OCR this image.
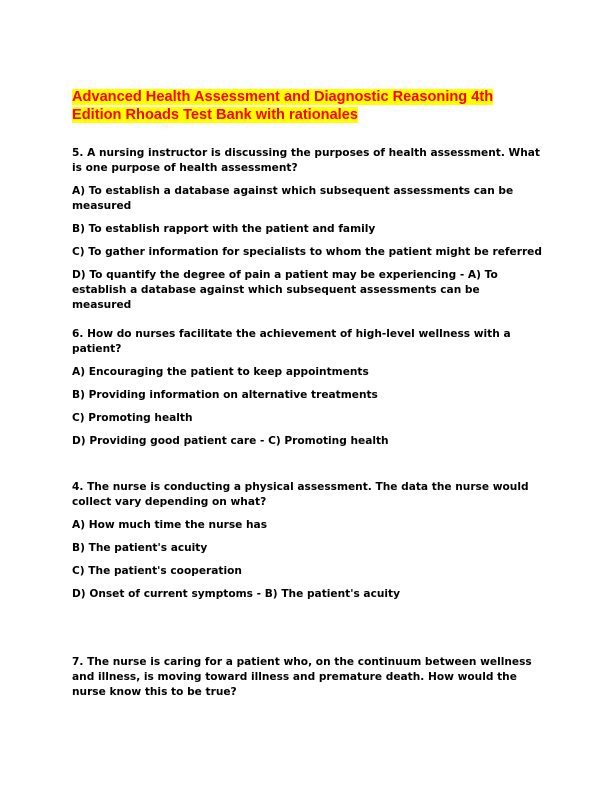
Advanced Health Assessment and Diagnostic Reasoning 4th Edition Rhoads Test Bank with rationales

5. A nursing instructor is discussing the purposes of health assessment. What is one purpose of health assessment?

A) To establish a database against which subsequent assessments can be measured

B) To establish rapport with the patient and family

C) To gather information for specialists to whom the patient might be referred

D) To quantify the degree of pain a patient may be experiencing - A) To establish a database against which subsequent assessments can be measured

6. How do nurses facilitate the achievement of high-level wellness with a patient?

A) Encouraging the patient to keep appointments

B) Providing information on alternative treatments

C) Promoting health

D) Providing good patient care - C) Promoting health

4. The nurse is conducting a physical assessment. The data the nurse would collect vary depending on what?

A) How much time the nurse has

B) The patient's acuity

C) The patient's cooperation

D) Onset of current symptoms - B) The patient's acuity

7. The nurse is caring for a patient who, on the continuum between wellness and illness, is moving toward illness and premature death. How would the nurse know this to be true?
